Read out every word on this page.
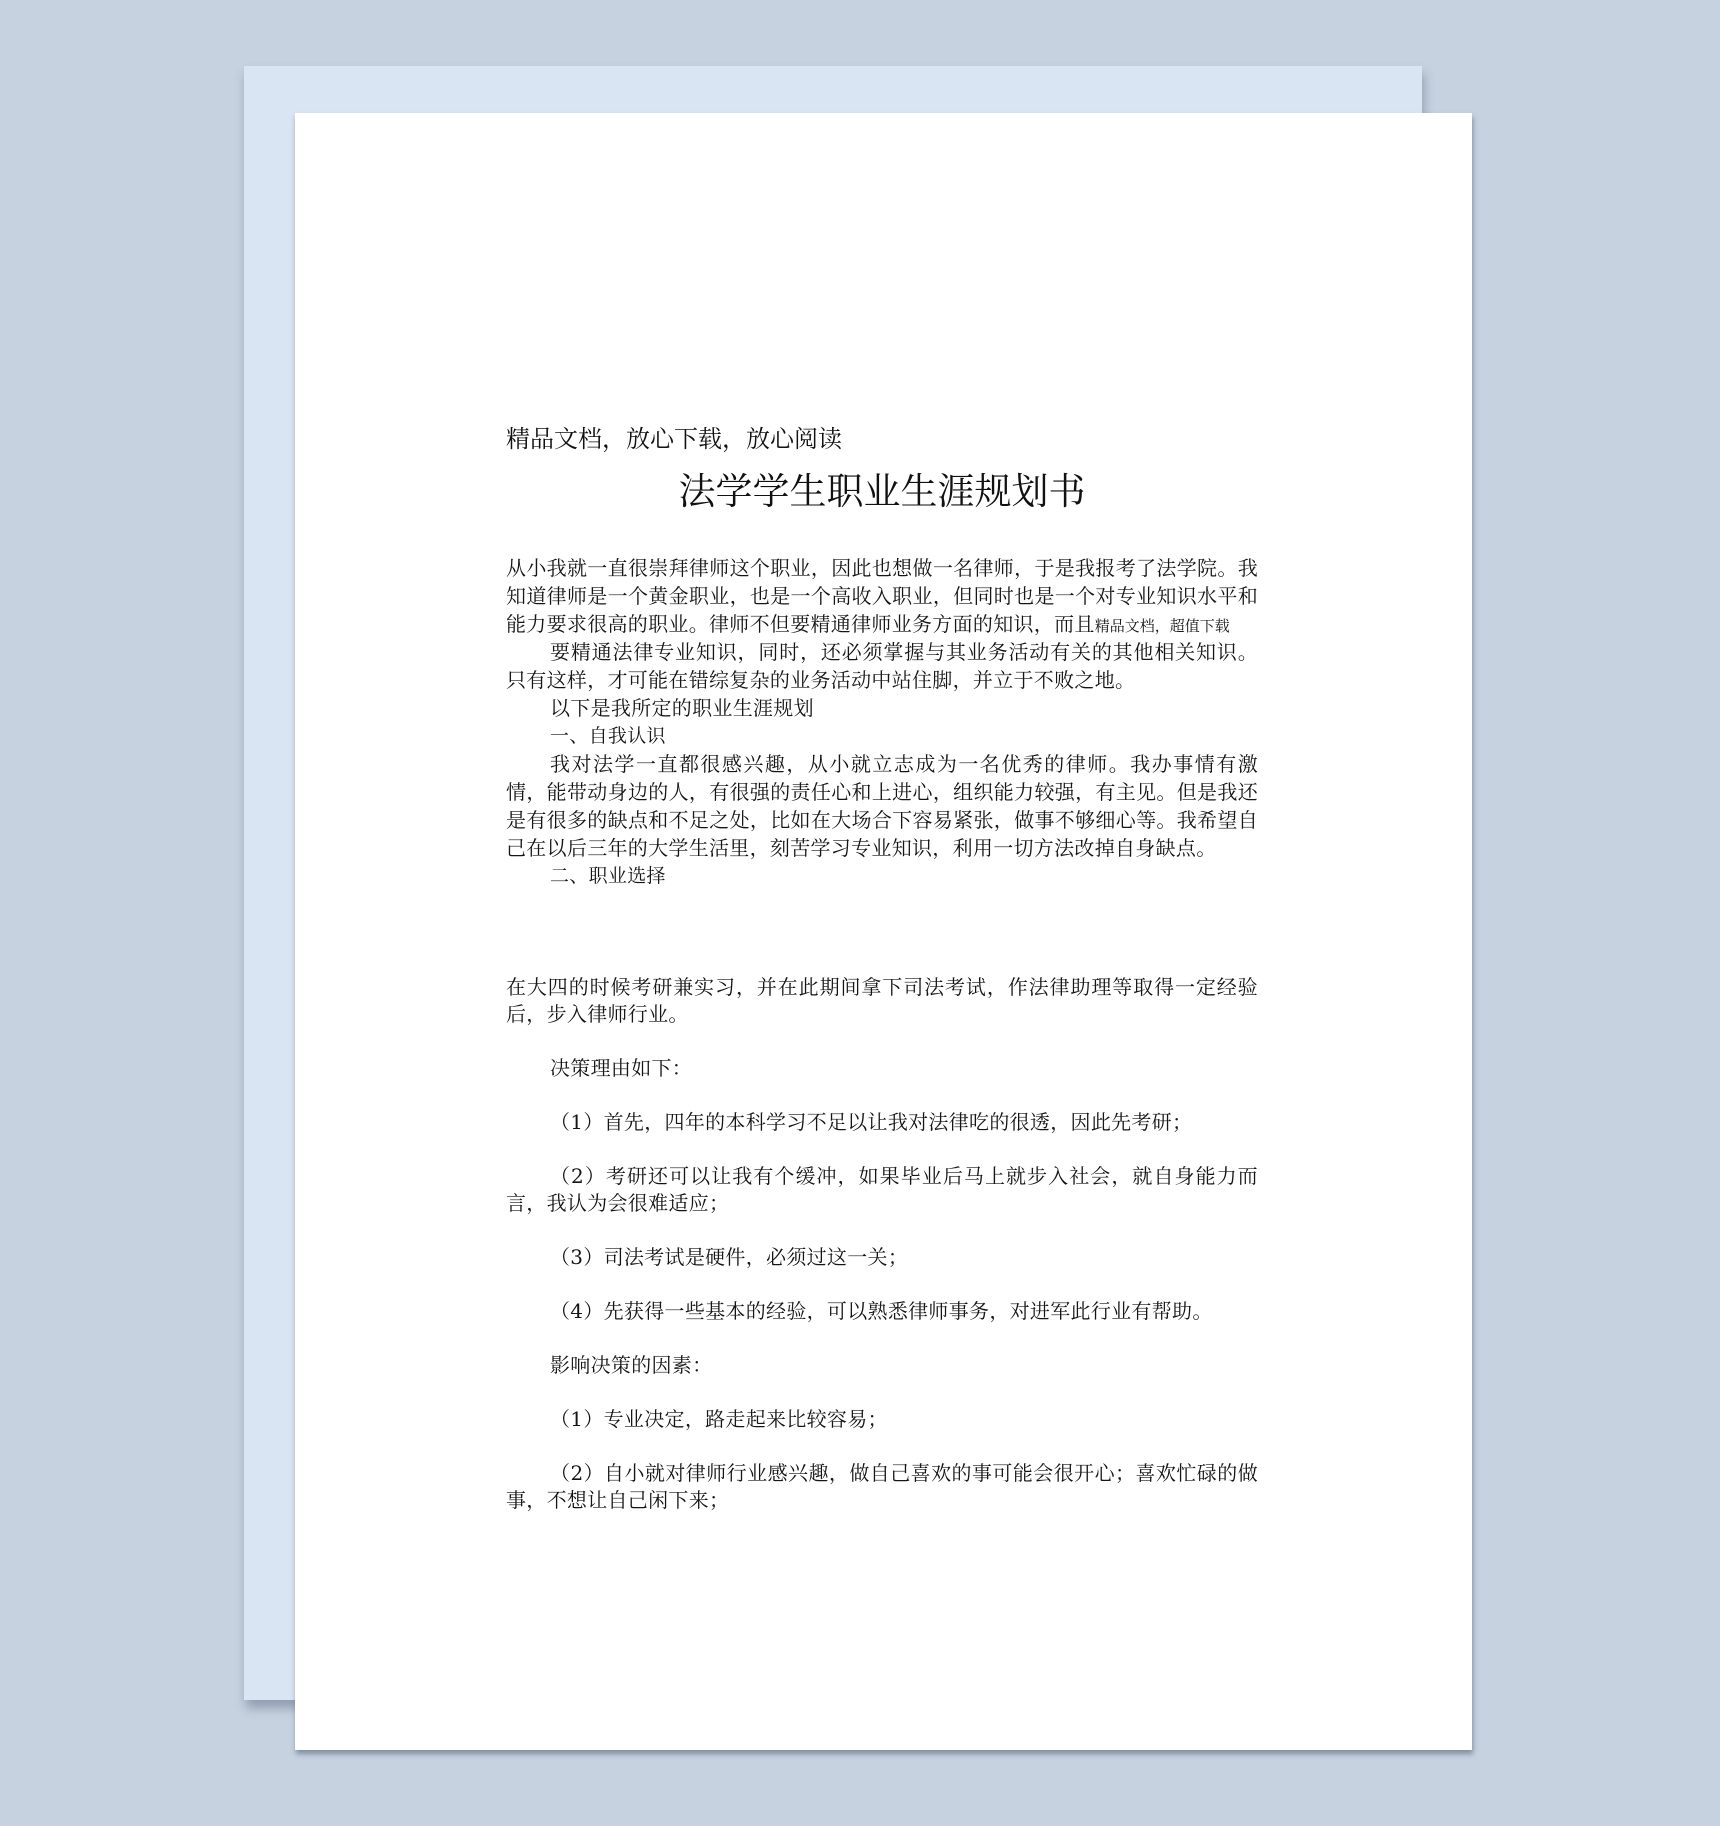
精品文档，放心下载，放心阅读
法学学生职业生涯规划书

从小我就一直很崇拜律师这个职业，因此也想做一名律师，于是我报考了法学院。我知道律师是一个黄金职业，也是一个高收入职业，但同时也是一个对专业知识水平和能力要求很高的职业。律师不但要精通律师业务方面的知识，而且精品文档，超值下载

要精通法律专业知识，同时，还必须掌握与其业务活动有关的其他相关知识。只有这样，才可能在错综复杂的业务活动中站住脚，并立于不败之地。

以下是我所定的职业生涯规划

一、自我认识

我对法学一直都很感兴趣，从小就立志成为一名优秀的律师。我办事情有激情，能带动身边的人，有很强的责任心和上进心，组织能力较强，有主见。但是我还是有很多的缺点和不足之处，比如在大场合下容易紧张，做事不够细心等。我希望自己在以后三年的大学生活里，刻苦学习专业知识，利用一切方法改掉自身缺点。

二、职业选择

在大四的时候考研兼实习，并在此期间拿下司法考试，作法律助理等取得一定经验后，步入律师行业。

决策理由如下：

（1）首先，四年的本科学习不足以让我对法律吃的很透，因此先考研；

（2）考研还可以让我有个缓冲，如果毕业后马上就步入社会，就自身能力而言，我认为会很难适应；

（3）司法考试是硬件，必须过这一关；

（4）先获得一些基本的经验，可以熟悉律师事务，对进军此行业有帮助。

影响决策的因素：

（1）专业决定，路走起来比较容易；

（2）自小就对律师行业感兴趣，做自己喜欢的事可能会很开心；喜欢忙碌的做事，不想让自己闲下来；
